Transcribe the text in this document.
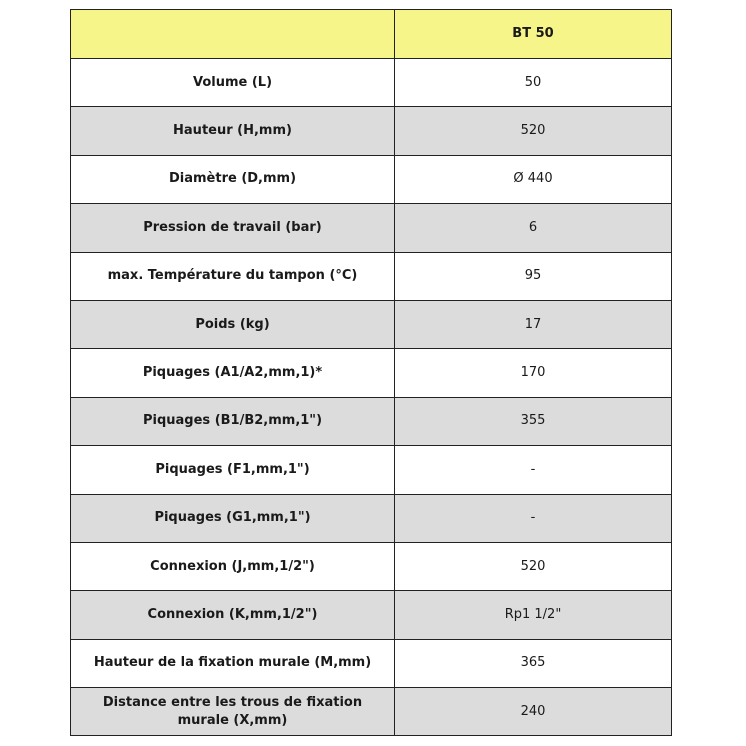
	BT 50
Volume (L)	50
Hauteur (H,mm)	520
Diamètre (D,mm)	Ø 440
Pression de travail (bar)	6
max. Température du tampon (°C)	95
Poids (kg)	17
Piquages (A1/A2,mm,1)*	170
Piquages (B1/B2,mm,1")	355
Piquages (F1,mm,1")	-
Piquages (G1,mm,1")	-
Connexion (J,mm,1/2")	520
Connexion (K,mm,1/2")	Rp1 1/2"
Hauteur de la fixation murale (M,mm)	365
Distance entre les trous de fixation murale (X,mm)	240
